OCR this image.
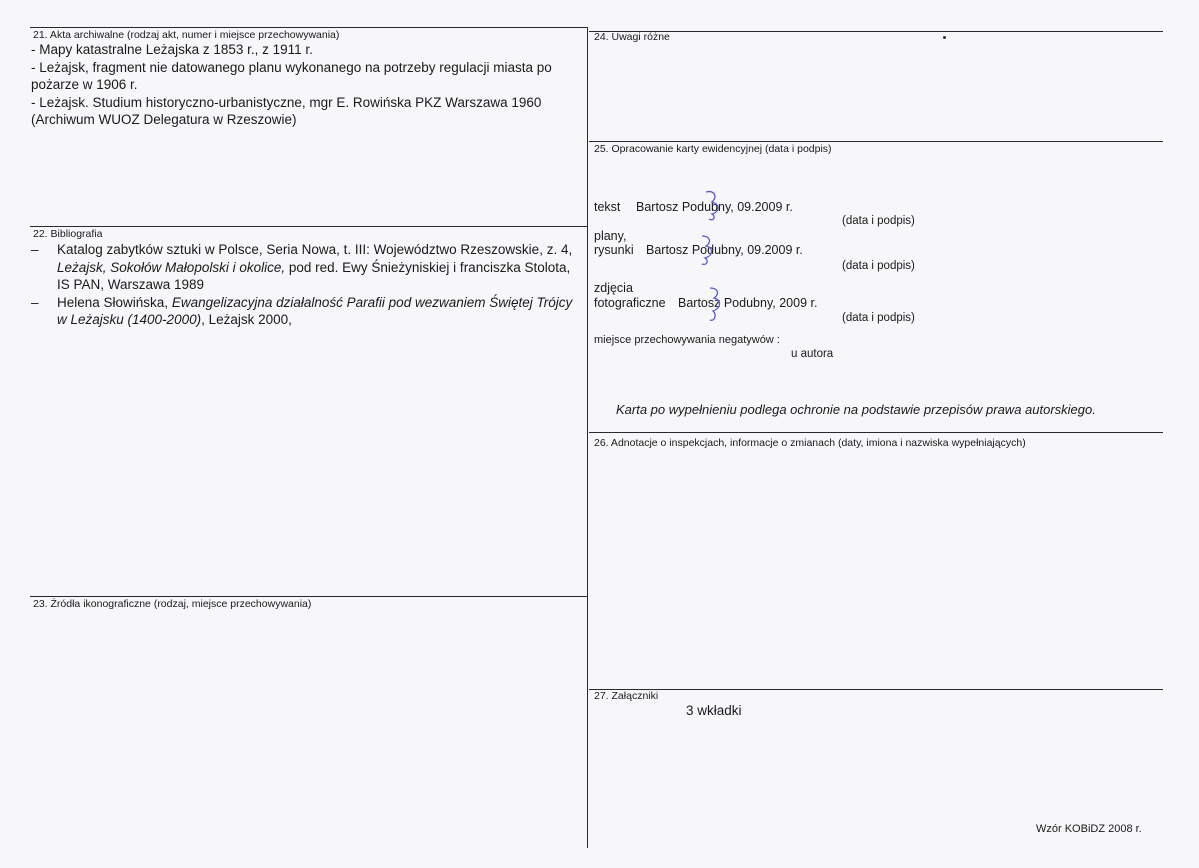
21. Akta archiwalne (rodzaj akt, numer i miejsce przechowywania)
- Mapy katastralne Leżajska z 1853 r., z 1911 r.
- Leżajsk, fragment nie datowanego planu wykonanego na potrzeby regulacji miasta po
pożarze w 1906 r.
- Leżajsk. Studium historyczno-urbanistyczne, mgr E. Rowińska PKZ Warszawa 1960
(Archiwum WUOZ Delegatura w Rzeszowie)
22. Bibliografia
– Katalog zabytków sztuki w Polsce, Seria Nowa, t. III: Województwo Rzeszowskie, z. 4, Leżajsk, Sokołów Małopolski i okolice, pod red. Ewy Śnieżyniskiej i franciszka Stolota, IS PAN, Warszawa 1989
– Helena Słowińska, Ewangelizacyjna działalność Parafii pod wezwaniem Świętej Trójcy w Leżajsku (1400-2000), Leżajsk 2000,
23. Źródła ikonograficzne (rodzaj, miejsce przechowywania)
24. Uwagi różne
25. Opracowanie karty ewidencyjnej (data i podpis)
tekst Bartosz Podubny, 09.2009 r.
(data i podpis)
plany,
rysunki Bartosz Podubny, 09.2009 r.
(data i podpis)
zdjęcia
fotograficzne Bartosz Podubny, 2009 r.
(data i podpis)
miejsce przechowywania negatywów :
u autora
Karta po wypełnieniu podlega ochronie na podstawie przepisów prawa autorskiego.
26. Adnotacje o inspekcjach, informacje o zmianach (daty, imiona i nazwiska wypełniających)
27. Załączniki
3 wkładki
Wzór KOBiDZ 2008 r.
